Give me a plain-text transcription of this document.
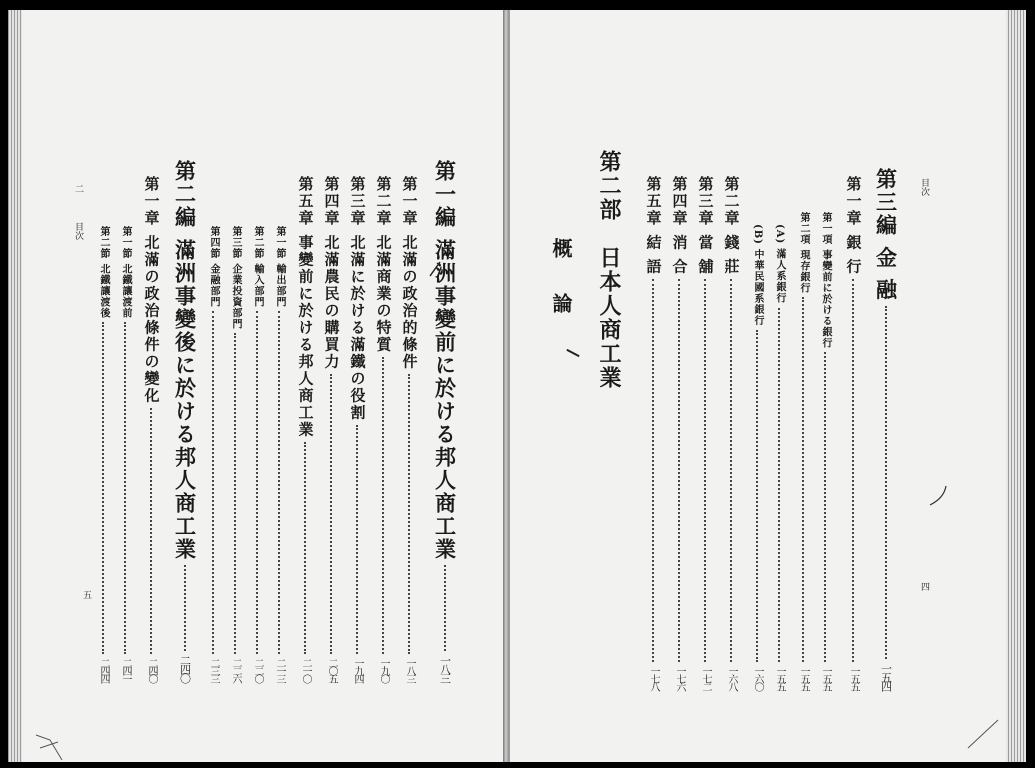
目次
四
第三編 金 融
一五四
第一章 銀 行
一五五
第一項 事變前に於ける銀行
一五五
第二項 現存銀行
一五五
(A) 滿人系銀行
一五五
(B) 中華民國系銀行
一六〇
第二章 錢 莊
一六八
第三章 當 舖
一七二
第四章 消 合
一七六
第五章 結 語
一七八
第二部日本人商工業
概 論
二
目次
五
第一編滿洲事變前に於ける邦人商工業
一八三
第一章 北滿の政治的條件
一八三
第二章 北滿商業の特質
一九〇
第三章 北滿に於ける滿鐵の役割
一九四
第四章 北滿農民の購買力
二〇五
第五章 事變前に於ける邦人商工業
二一〇
第一節 輸出部門
二一三
第二節 輸入部門
二二〇
第三節 企業投資部門
二二六
第四節 金融部門
二三三
第二編滿洲事變後に於ける邦人商工業
二四〇
第一章 北滿の政治條件の變化
二四〇
第一節 北鐵讓渡前
二四一
第二節 北鐵讓渡後
二四四
